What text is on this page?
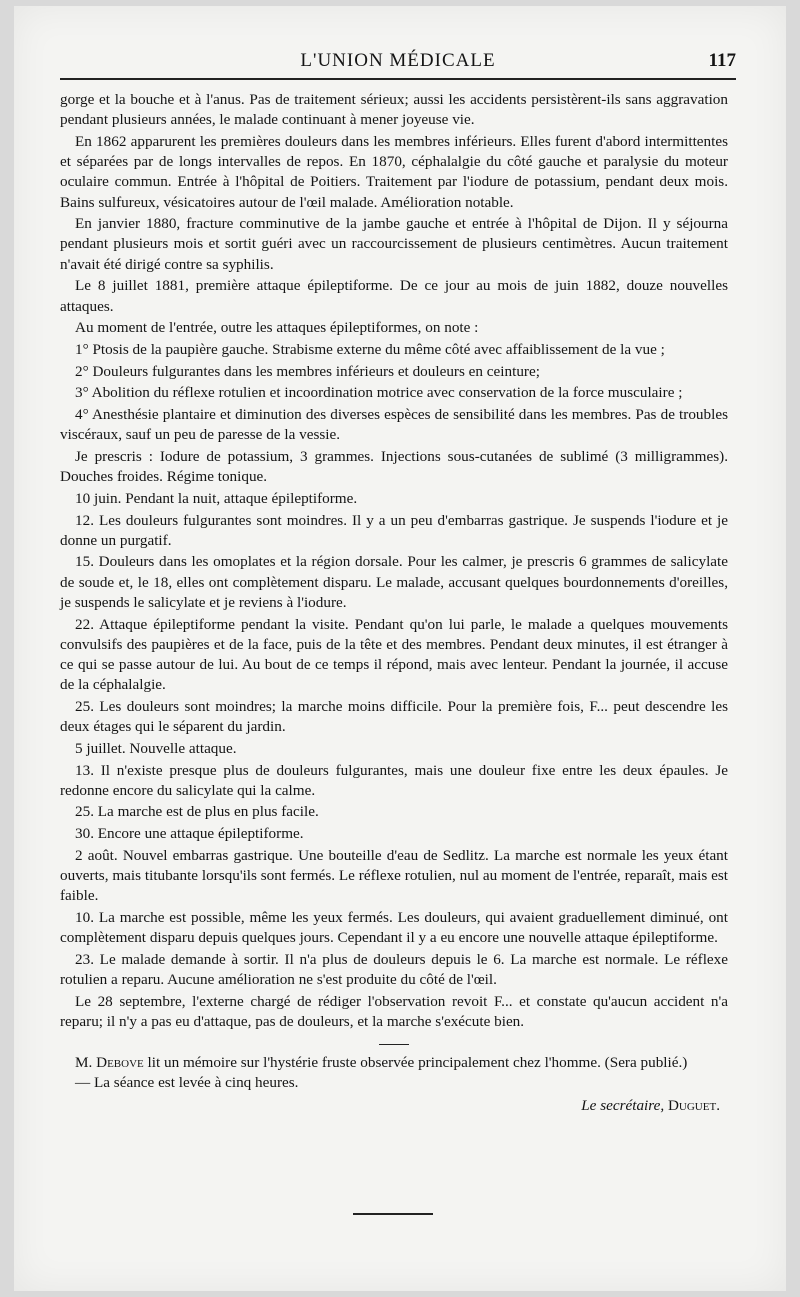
L'UNION MÉDICALE	117

gorge et la bouche et à l'anus. Pas de traitement sérieux; aussi les accidents persistèrent-ils sans aggravation pendant plusieurs années, le malade continuant à mener joyeuse vie.

En 1862 apparurent les premières douleurs dans les membres inférieurs. Elles furent d'abord intermittentes et séparées par de longs intervalles de repos. En 1870, céphalalgie du côté gauche et paralysie du moteur oculaire commun. Entrée à l'hôpital de Poitiers. Traitement par l'iodure de potassium, pendant deux mois. Bains sulfureux, vésicatoires autour de l'œil malade. Amélioration notable.

En janvier 1880, fracture comminutive de la jambe gauche et entrée à l'hôpital de Dijon. Il y séjourna pendant plusieurs mois et sortit guéri avec un raccourcissement de plusieurs centimètres. Aucun traitement n'avait été dirigé contre sa syphilis.

Le 8 juillet 1881, première attaque épileptiforme. De ce jour au mois de juin 1882, douze nouvelles attaques.

Au moment de l'entrée, outre les attaques épileptiformes, on note :

1° Ptosis de la paupière gauche. Strabisme externe du même côté avec affaiblissement de la vue ;

2° Douleurs fulgurantes dans les membres inférieurs et douleurs en ceinture;

3° Abolition du réflexe rotulien et incoordination motrice avec conservation de la force musculaire ;

4° Anesthésie plantaire et diminution des diverses espèces de sensibilité dans les membres. Pas de troubles viscéraux, sauf un peu de paresse de la vessie.

Je prescris : Iodure de potassium, 3 grammes. Injections sous-cutanées de sublimé (3 milligrammes). Douches froides. Régime tonique.

10 juin. Pendant la nuit, attaque épileptiforme.

12. Les douleurs fulgurantes sont moindres. Il y a un peu d'embarras gastrique. Je suspends l'iodure et je donne un purgatif.

15. Douleurs dans les omoplates et la région dorsale. Pour les calmer, je prescris 6 grammes de salicylate de soude et, le 18, elles ont complètement disparu. Le malade, accusant quelques bourdonnements d'oreilles, je suspends le salicylate et je reviens à l'iodure.

22. Attaque épileptiforme pendant la visite. Pendant qu'on lui parle, le malade a quelques mouvements convulsifs des paupières et de la face, puis de la tête et des membres. Pendant deux minutes, il est étranger à ce qui se passe autour de lui. Au bout de ce temps il répond, mais avec lenteur. Pendant la journée, il accuse de la céphalalgie.

25. Les douleurs sont moindres; la marche moins difficile. Pour la première fois, F... peut descendre les deux étages qui le séparent du jardin.

5 juillet. Nouvelle attaque.

13. Il n'existe presque plus de douleurs fulgurantes, mais une douleur fixe entre les deux épaules. Je redonne encore du salicylate qui la calme.

25. La marche est de plus en plus facile.

30. Encore une attaque épileptiforme.

2 août. Nouvel embarras gastrique. Une bouteille d'eau de Sedlitz. La marche est normale les yeux étant ouverts, mais titubante lorsqu'ils sont fermés. Le réflexe rotulien, nul au moment de l'entrée, reparaît, mais est faible.

10. La marche est possible, même les yeux fermés. Les douleurs, qui avaient graduellement diminué, ont complètement disparu depuis quelques jours. Cependant il y a eu encore une nouvelle attaque épileptiforme.

23. Le malade demande à sortir. Il n'a plus de douleurs depuis le 6. La marche est normale. Le réflexe rotulien a reparu. Aucune amélioration ne s'est produite du côté de l'œil.

Le 28 septembre, l'externe chargé de rédiger l'observation revoit F... et constate qu'aucun accident n'a reparu; il n'y a pas eu d'attaque, pas de douleurs, et la marche s'exécute bien.

M. Debove lit un mémoire sur l'hystérie fruste observée principalement chez l'homme. (Sera publié.)

— La séance est levée à cinq heures.

Le secrétaire, Duguet.
